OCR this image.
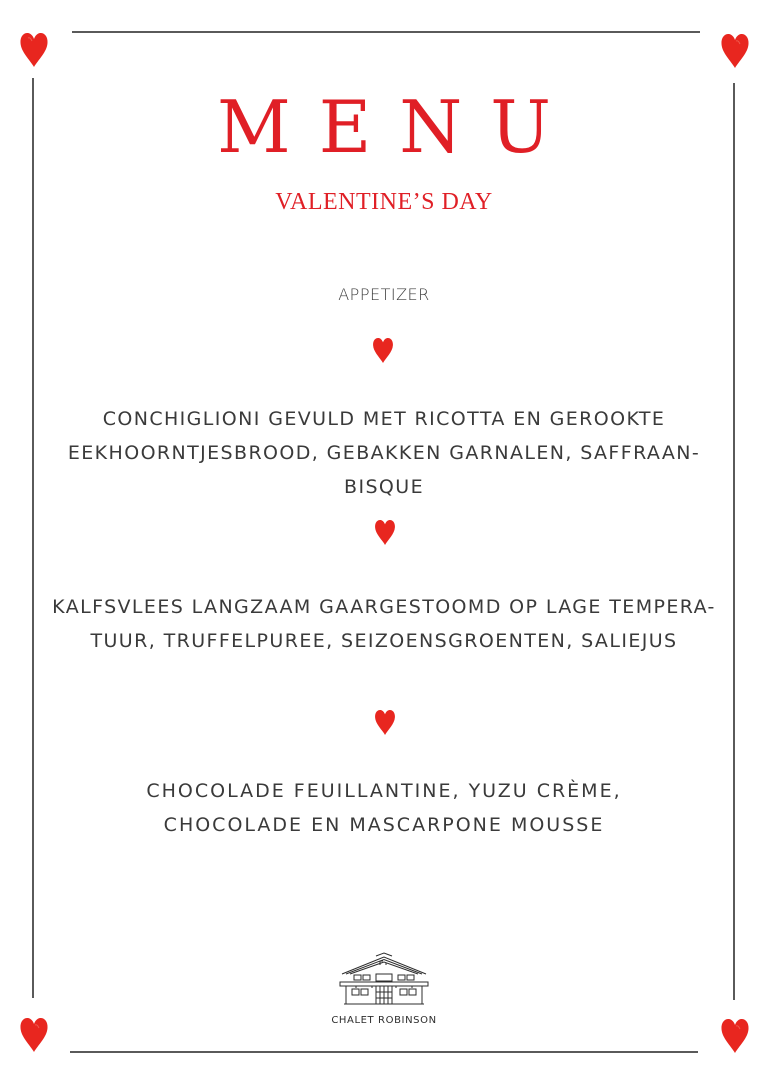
MENU
VALENTINE’S DAY
APPETIZER
CONCHIGLIONI GEVULD MET RICOTTA EN GEROOKTE
EEKHOORNTJESBROOD, GEBAKKEN GARNALEN, SAFFRAAN-
BISQUE
KALFSVLEES LANGZAAM GAARGESTOOMD OP LAGE TEMPERA-
TUUR, TRUFFELPUREE, SEIZOENSGROENTEN, SALIEJUS
CHOCOLADE FEUILLANTINE, YUZU CRÈME,
CHOCOLADE EN MASCARPONE MOUSSE
CHALET ROBINSON
